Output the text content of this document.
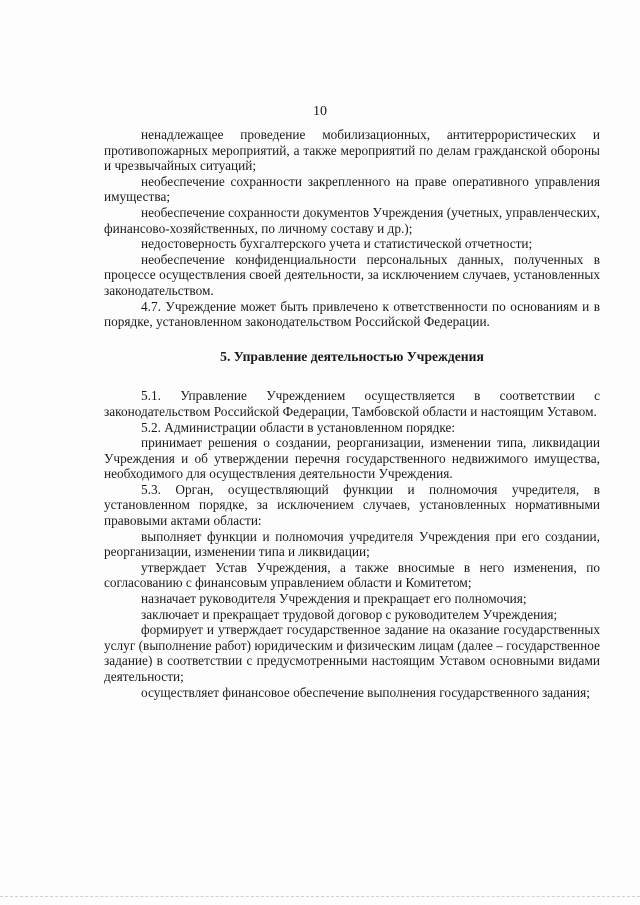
10

ненадлежащее проведение мобилизационных, антитеррористических и противопожарных мероприятий, а также мероприятий по делам гражданской обороны и чрезвычайных ситуаций;

необеспечение сохранности закрепленного на праве оперативного управления имущества;

необеспечение сохранности документов Учреждения (учетных, управленческих, финансово-хозяйственных, по личному составу и др.);

недостоверность бухгалтерского учета и статистической отчетности;

необеспечение конфиденциальности персональных данных, полученных в процессе осуществления своей деятельности, за исключением случаев, установленных законодательством.

4.7. Учреждение может быть привлечено к ответственности по основаниям и в порядке, установленном законодательством Российской Федерации.

5. Управление деятельностью Учреждения

5.1. Управление Учреждением осуществляется в соответствии с законодательством Российской Федерации, Тамбовской области и настоящим Уставом.

5.2. Администрации области в установленном порядке:

принимает решения о создании, реорганизации, изменении типа, ликвидации Учреждения и об утверждении перечня государственного недвижимого имущества, необходимого для осуществления деятельности Учреждения.

5.3. Орган, осуществляющий функции и полномочия учредителя, в установленном порядке, за исключением случаев, установленных нормативными правовыми актами области:

выполняет функции и полномочия учредителя Учреждения при его создании, реорганизации, изменении типа и ликвидации;

утверждает Устав Учреждения, а также вносимые в него изменения, по согласованию с финансовым управлением области и Комитетом;

назначает руководителя Учреждения и прекращает его полномочия;

заключает и прекращает трудовой договор с руководителем Учреждения;

формирует и утверждает государственное задание на оказание государственных услуг (выполнение работ) юридическим и физическим лицам (далее – государственное задание) в соответствии с предусмотренными настоящим Уставом основными видами деятельности;

осуществляет финансовое обеспечение выполнения государственного задания;
